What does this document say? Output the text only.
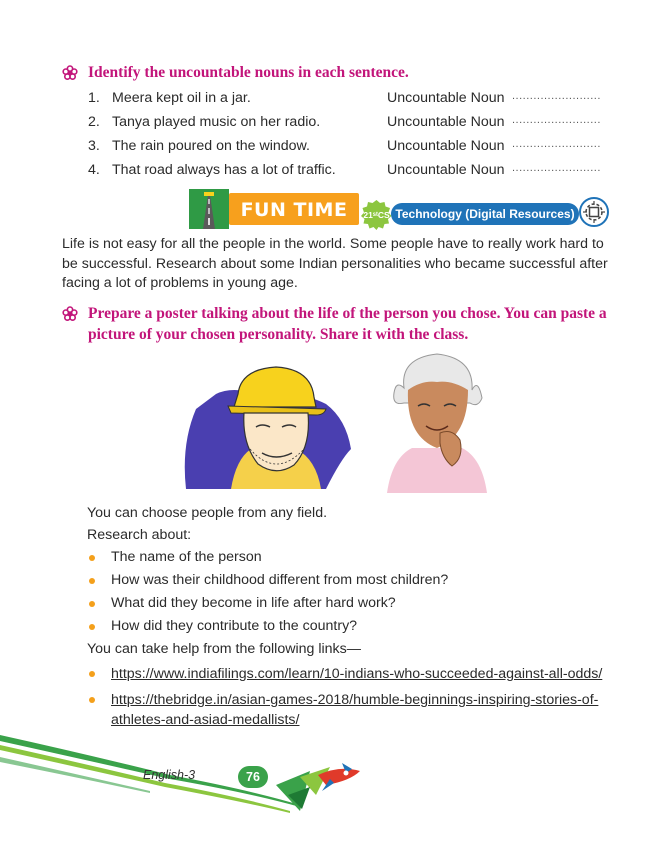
Identify the uncountable nouns in each sentence.
1. Meera kept oil in a jar.	Uncountable Noun .........................
2. Tanya played music on her radio.	Uncountable Noun .........................
3. The rain poured on the window.	Uncountable Noun .........................
4. That road always has a lot of traffic.	Uncountable Noun .........................
FUN TIME	21ˢᵗCS Technology (Digital Resources)
Life is not easy for all the people in the world. Some people have to really work hard to be successful. Research about some Indian personalities who became successful after facing a lot of problems in young age.
Prepare a poster talking about the life of the person you chose. You can paste a picture of your chosen personality. Share it with the class.
You can choose people from any field.
Research about:
The name of the person
How was their childhood different from most children?
What did they become in life after hard work?
How did they contribute to the country?
You can take help from the following links—
https://www.indiafilings.com/learn/10-indians-who-succeeded-against-all-odds/
https://thebridge.in/asian-games-2018/humble-beginnings-inspiring-stories-of-athletes-and-asiad-medallists/
English-3	76
